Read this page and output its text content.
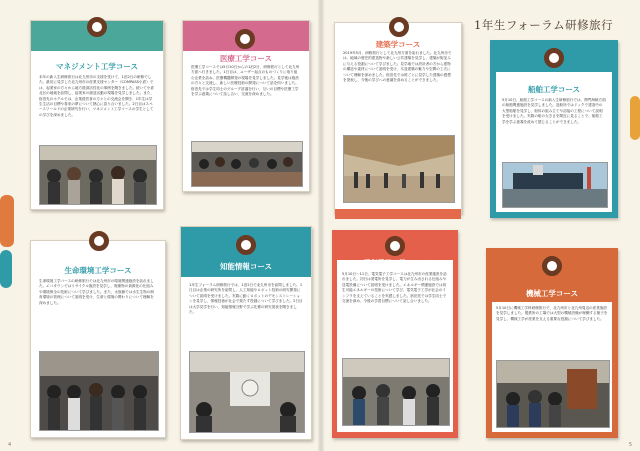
1年生フォーラム研修旅行
マネジメント工学コース
本年の新入生研修旅行は北九州市の支援を受けて、1泊2日の研修でした。最初に見学した北九州市の産業支援センター（COMPASS小倉）では、起業家の方々から地方経済活性化の事例を聞きました。続いて小倉北区の地域を訪問し、起業家の創造活動の現場を見学しました。また、宿泊先のホテルでは、企業経営者の方々との交流会を開き、1年生は学生生活の目標や将来の夢について熱心に語り合いました。2日目はスペースワールドの企業研究を行い、マネジメント工学コースの学生としての学びを深めました。
医療工学コース
医療工学コースでは5月10日からの1泊2日、研修旅行として北九州方面へ行きました。1日目は、ユーザー起点のものづくりに取り組む企業を訪ね、医療機器開発の現場を見学しました。見学後は施設の方々と交流し、新しい医療技術の開発について話を伺いました。宿泊先では学生同士のグループ討議を行い、互いの目標や医療工学を学ぶ意義について話し合い、交流を深めました。
建築学コース
2019年5月、研修旅行として北九州方面を訪れました。北九州市では、地域の歴史的建造物や新しい公共建築を見学し、建築が街並みに与える役割について学びました。見学地では設計者の方から建物の構造や素材について説明を受け、木造建築の魅力や空間の工夫について理解を深めました。宿泊先では班ごとに見学した建築の感想を発表し、今後の学びへの意識を高めることができました。
船舶工学コース
5月10日、船舶工学コースの新入生研修旅行では、関門海峡方面の船舶関連施設を見学しました。造船所ではドックで建造中の大型船舶を見学し、船体の組み立てや溶接の工程について説明を受けました。実際の船の大きさを間近に見ることで、船舶工学を学ぶ意義を改めて感じることができました。
生命環境工学コース
生命環境工学コースの研修旅行では北九州市の環境関連施設を訪れました。エコタウンではリサイクル施設を見学し、廃棄物の資源化の仕組みや環境保全の技術について学びました。また、水族館では水生生物の飼育環境の管理について説明を受け、生命と環境の関わりについて理解を深めました。
知能情報コース
1年生フォーラム研修旅行では、1泊2日で北九州市を訪問しました。1日目は企業の研究所を訪問し、人工知能やロボット技術の研究開発について説明を受けました。実際に動くロボットのデモンストレーションを見学し、情報技術が社会で果たす役割について学びました。2日目は大学見学を行い、知能情報分野で学ぶ先輩の研究発表を聞きました。
電気電子工学コース
5月10日〜11日、電気電子工学コースは北九州市の産業施設を訪れました。初日は発電所を見学し、電力が生み出される仕組みや送電設備について説明を受けました。エネルギー関連施設では再生可能エネルギーの技術について学び、電気電子工学が社会のインフラを支えていることを実感しました。宿泊先では学生同士で交流を深め、今後の学習目標について話し合いました。
機械工学コース
5月10日に機械工学科研修旅行で、北九州市と北九州周辺の産業施設を見学しました。製鉄所の工場では大型の機械設備が稼働する様子を見学し、機械工学が産業を支える重要な役割について学びました。
4	5
